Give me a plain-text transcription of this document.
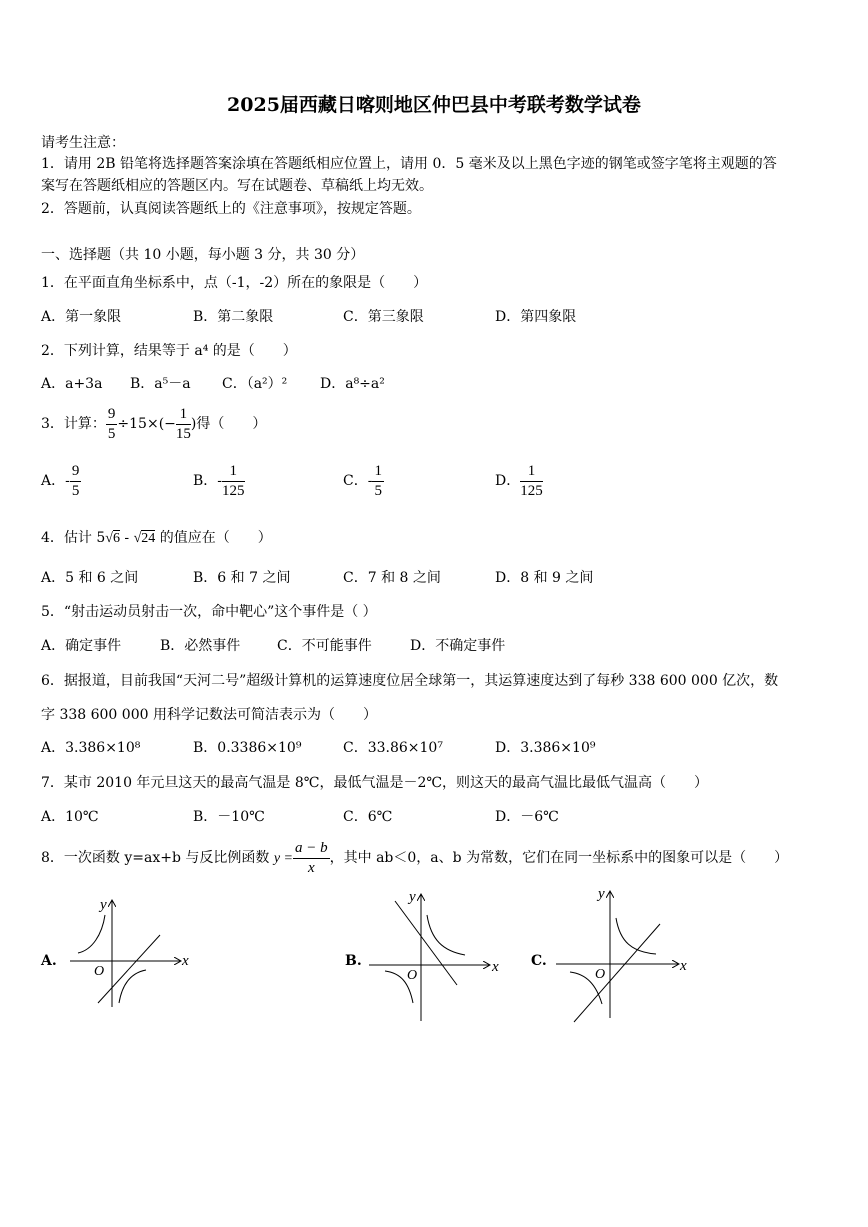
2025届西藏日喀则地区仲巴县中考联考数学试卷
请考生注意：
1．请用 2B 铅笔将选择题答案涂填在答题纸相应位置上，请用 0．5 毫米及以上黑色字迹的钢笔或签字笔将主观题的答
案写在答题纸相应的答题区内。写在试题卷、草稿纸上均无效。
2．答题前，认真阅读答题纸上的《注意事项》，按规定答题。
一、选择题（共 10 小题，每小题 3 分，共 30 分）
1．在平面直角坐标系中，点（-1，-2）所在的象限是（　　）
A．第一象限	B．第二象限	C．第三象限	D．第四象限
2．下列计算，结果等于 a⁴ 的是（　　）
A．a+3a B．a⁵－a C．（a²）² D．a⁸÷a²
3．计算： $\frac{9}{5} \div 15\times(- \frac{1}{15}$ )得（　　）
A．- $\frac{9}{5}$	B．- $\frac{1}{125}$	C．- $\frac{1}{5}$	D． $\frac{1}{125}$
4．估计 5√6 - √24 的值应在（　　）
A．5 和 6 之间	B．6 和 7 之间	C．7 和 8 之间	D．8 和 9 之间
5．“射击运动员射击一次，命中靶心”这个事件是（ ）
A．确定事件	B．必然事件	C．不可能事件	D．不确定事件
6．据报道，目前我国“天河二号”超级计算机的运算速度位居全球第一，其运算速度达到了每秒 338 600 000 亿次，数
字 338 600 000 用科学记数法可简洁表示为（　　）
A．3.386×10⁸	B．0.3386×10⁹	C．33.86×10⁷	D．3.386×10⁹
7．某市 2010 年元旦这天的最高气温是 8℃，最低气温是－2℃，则这天的最高气温比最低气温高（　　）
A．10℃	B．－10℃	C．6℃	D．－6℃
8．一次函数 y=ax+b 与反比例函数 $y = \frac{a - b}{x}$ ，其中 ab＜0，a、b 为常数，它们在同一坐标系中的图象可以是（　　）
A.	x
y
O
B.	x
y
O
C.	x
y
O
